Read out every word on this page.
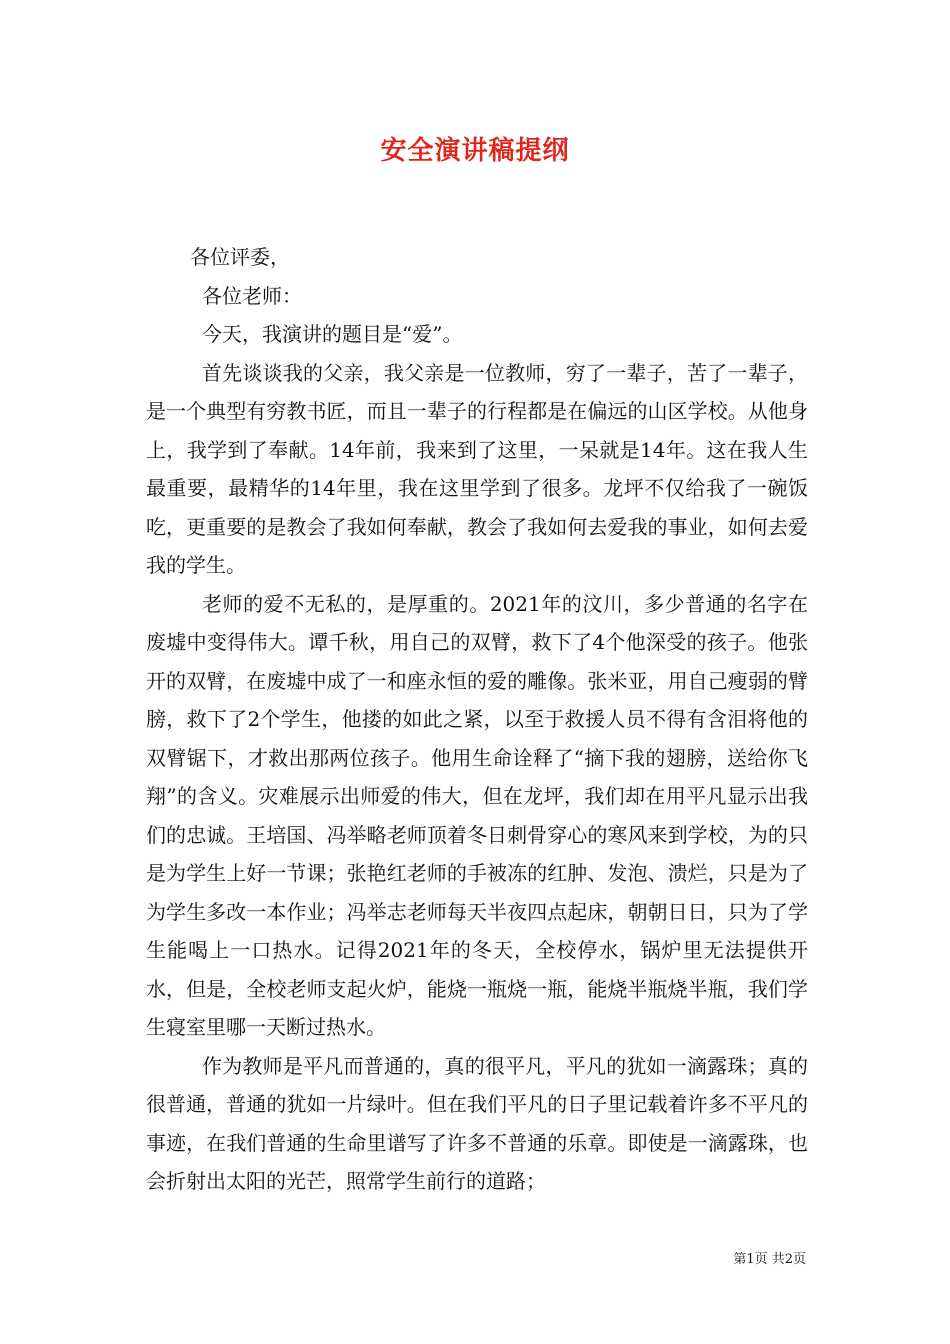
安全演讲稿提纲

各位评委，

各位老师：

今天，我演讲的题目是“爱”。

首先谈谈我的父亲，我父亲是一位教师，穷了一辈子，苦了一辈子，是一个典型有穷教书匠，而且一辈子的行程都是在偏远的山区学校。从他身上，我学到了奉献。14年前，我来到了这里，一呆就是14年。这在我人生最重要，最精华的14年里，我在这里学到了很多。龙坪不仅给我了一碗饭吃，更重要的是教会了我如何奉献，教会了我如何去爱我的事业，如何去爱我的学生。

老师的爱不无私的，是厚重的。2021年的汶川，多少普通的名字在废墟中变得伟大。谭千秋，用自己的双臂，救下了4个他深受的孩子。他张开的双臂，在废墟中成了一和座永恒的爱的雕像。张米亚，用自己瘦弱的臂膀，救下了2个学生，他搂的如此之紧，以至于救援人员不得有含泪将他的双臂锯下，才救出那两位孩子。他用生命诠释了“摘下我的翅膀，送给你飞翔”的含义。灾难展示出师爱的伟大，但在龙坪，我们却在用平凡显示出我们的忠诚。王培国、冯举略老师顶着冬日刺骨穿心的寒风来到学校，为的只是为学生上好一节课；张艳红老师的手被冻的红肿、发泡、溃烂，只是为了为学生多改一本作业；冯举志老师每天半夜四点起床，朝朝日日，只为了学生能喝上一口热水。记得2021年的冬天，全校停水，锅炉里无法提供开水，但是，全校老师支起火炉，能烧一瓶烧一瓶，能烧半瓶烧半瓶，我们学生寝室里哪一天断过热水。

作为教师是平凡而普通的，真的很平凡，平凡的犹如一滴露珠；真的很普通，普通的犹如一片绿叶。但在我们平凡的日子里记载着许多不平凡的事迹，在我们普通的生命里谱写了许多不普通的乐章。即使是一滴露珠，也会折射出太阳的光芒，照常学生前行的道路；

第1页 共2页
